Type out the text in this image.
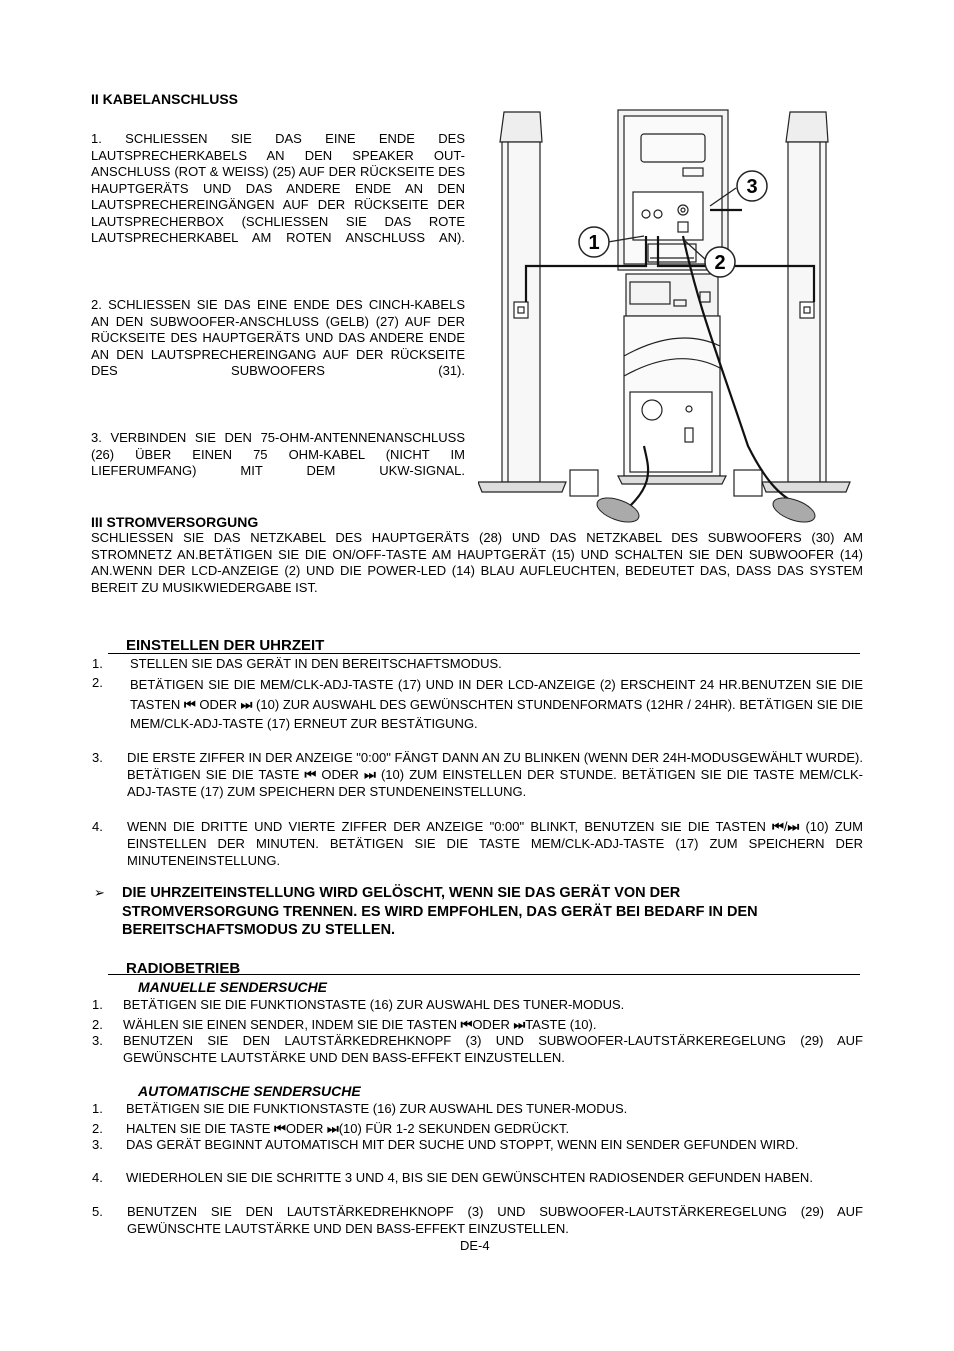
II KABELANSCHLUSS
1. SCHLIESSEN SIE DAS EINE ENDE DES LAUTSPRECHERKABELS AN DEN SPEAKER OUT-ANSCHLUSS (ROT & WEISS) (25) AUF DER RÜCKSEITE DES HAUPTGERÄTS UND DAS ANDERE ENDE AN DEN LAUTSPRECHEREINGÄNGEN AUF DER RÜCKSEITE DER LAUTSPRECHERBOX (SCHLIESSEN SIE DAS ROTE LAUTSPRECHERKABEL AM ROTEN ANSCHLUSS AN).
2. SCHLIESSEN SIE DAS EINE ENDE DES CINCH-KABELS AN DEN SUBWOOFER-ANSCHLUSS (GELB) (27) AUF DER RÜCKSEITE DES HAUPTGERÄTS UND DAS ANDERE ENDE AN DEN LAUTSPRECHEREINGANG AUF DER RÜCKSEITE DES SUBWOOFERS (31).
3. VERBINDEN SIE DEN 75-OHM-ANTENNENANSCHLUSS (26) ÜBER EINEN 75 OHM-KABEL (NICHT IM LIEFERUMFANG) MIT DEM UKW-SIGNAL.
1
2
3
III STROMVERSORGUNG
SCHLIESSEN SIE DAS NETZKABEL DES HAUPTGERÄTS (28) UND DAS NETZKABEL DES SUBWOOFERS (30) AM STROMNETZ AN.BETÄTIGEN SIE DIE ON/OFF-TASTE AM HAUPTGERÄT (15) UND SCHALTEN SIE DEN SUBWOOFER (14) AN.WENN DER LCD-ANZEIGE (2) UND DIE POWER-LED (14) BLAU AUFLEUCHTEN, BEDEUTET DAS, DASS DAS SYSTEM BEREIT ZU MUSIKWIEDERGABE IST.
EINSTELLEN DER UHRZEIT
1. STELLEN SIE DAS GERÄT IN DEN BEREITSCHAFTSMODUS.
2. BETÄTIGEN SIE DIE MEM/CLK-ADJ-TASTE (17) UND IN DER LCD-ANZEIGE (2) ERSCHEINT 24 HR.BENUTZEN SIE DIE TASTEN ⏮ ODER ⏭ (10) ZUR AUSWAHL DES GEWÜNSCHTEN STUNDENFORMATS (12HR / 24HR). BETÄTIGEN SIE DIE MEM/CLK-ADJ-TASTE (17) ERNEUT ZUR BESTÄTIGUNG.
3. DIE ERSTE ZIFFER IN DER ANZEIGE "0:00" FÄNGT DANN AN ZU BLINKEN (WENN DER 24H-MODUSGEWÄHLT WURDE). BETÄTIGEN SIE DIE TASTE ⏮ ODER ⏭ (10) ZUM EINSTELLEN DER STUNDE. BETÄTIGEN SIE DIE TASTE MEM/CLK-ADJ-TASTE (17) ZUM SPEICHERN DER STUNDENEINSTELLUNG.
4. WENN DIE DRITTE UND VIERTE ZIFFER DER ANZEIGE "0:00" BLINKT, BENUTZEN SIE DIE TASTEN ⏮/⏭ (10) ZUM EINSTELLEN DER MINUTEN. BETÄTIGEN SIE DIE TASTE MEM/CLK-ADJ-TASTE (17) ZUM SPEICHERN DER MINUTENEINSTELLUNG.
➢ DIE UHRZEITEINSTELLUNG WIRD GELÖSCHT, WENN SIE DAS GERÄT VON DER STROMVERSORGUNG TRENNEN. ES WIRD EMPFOHLEN, DAS GERÄT BEI BEDARF IN DEN BEREITSCHAFTSMODUS ZU STELLEN.
RADIOBETRIEB
MANUELLE SENDERSUCHE
1. BETÄTIGEN SIE DIE FUNKTIONSTASTE (16) ZUR AUSWAHL DES TUNER-MODUS.
2. WÄHLEN SIE EINEN SENDER, INDEM SIE DIE TASTEN ⏮ODER ⏭TASTE (10).
3. BENUTZEN SIE DEN LAUTSTÄRKEDREHKNOPF (3) UND SUBWOOFER-LAUTSTÄRKEREGELUNG (29) AUF GEWÜNSCHTE LAUTSTÄRKE UND DEN BASS-EFFEKT EINZUSTELLEN.
AUTOMATISCHE SENDERSUCHE
1. BETÄTIGEN SIE DIE FUNKTIONSTASTE (16) ZUR AUSWAHL DES TUNER-MODUS.
2. HALTEN SIE DIE TASTE ⏮ODER ⏭(10) FÜR 1-2 SEKUNDEN GEDRÜCKT.
3. DAS GERÄT BEGINNT AUTOMATISCH MIT DER SUCHE UND STOPPT, WENN EIN SENDER GEFUNDEN WIRD.
4. WIEDERHOLEN SIE DIE SCHRITTE 3 UND 4, BIS SIE DEN GEWÜNSCHTEN RADIOSENDER GEFUNDEN HABEN.
5. BENUTZEN SIE DEN LAUTSTÄRKEDREHKNOPF (3) UND SUBWOOFER-LAUTSTÄRKEREGELUNG (29) AUF GEWÜNSCHTE LAUTSTÄRKE UND DEN BASS-EFFEKT EINZUSTELLEN.
DE-4
